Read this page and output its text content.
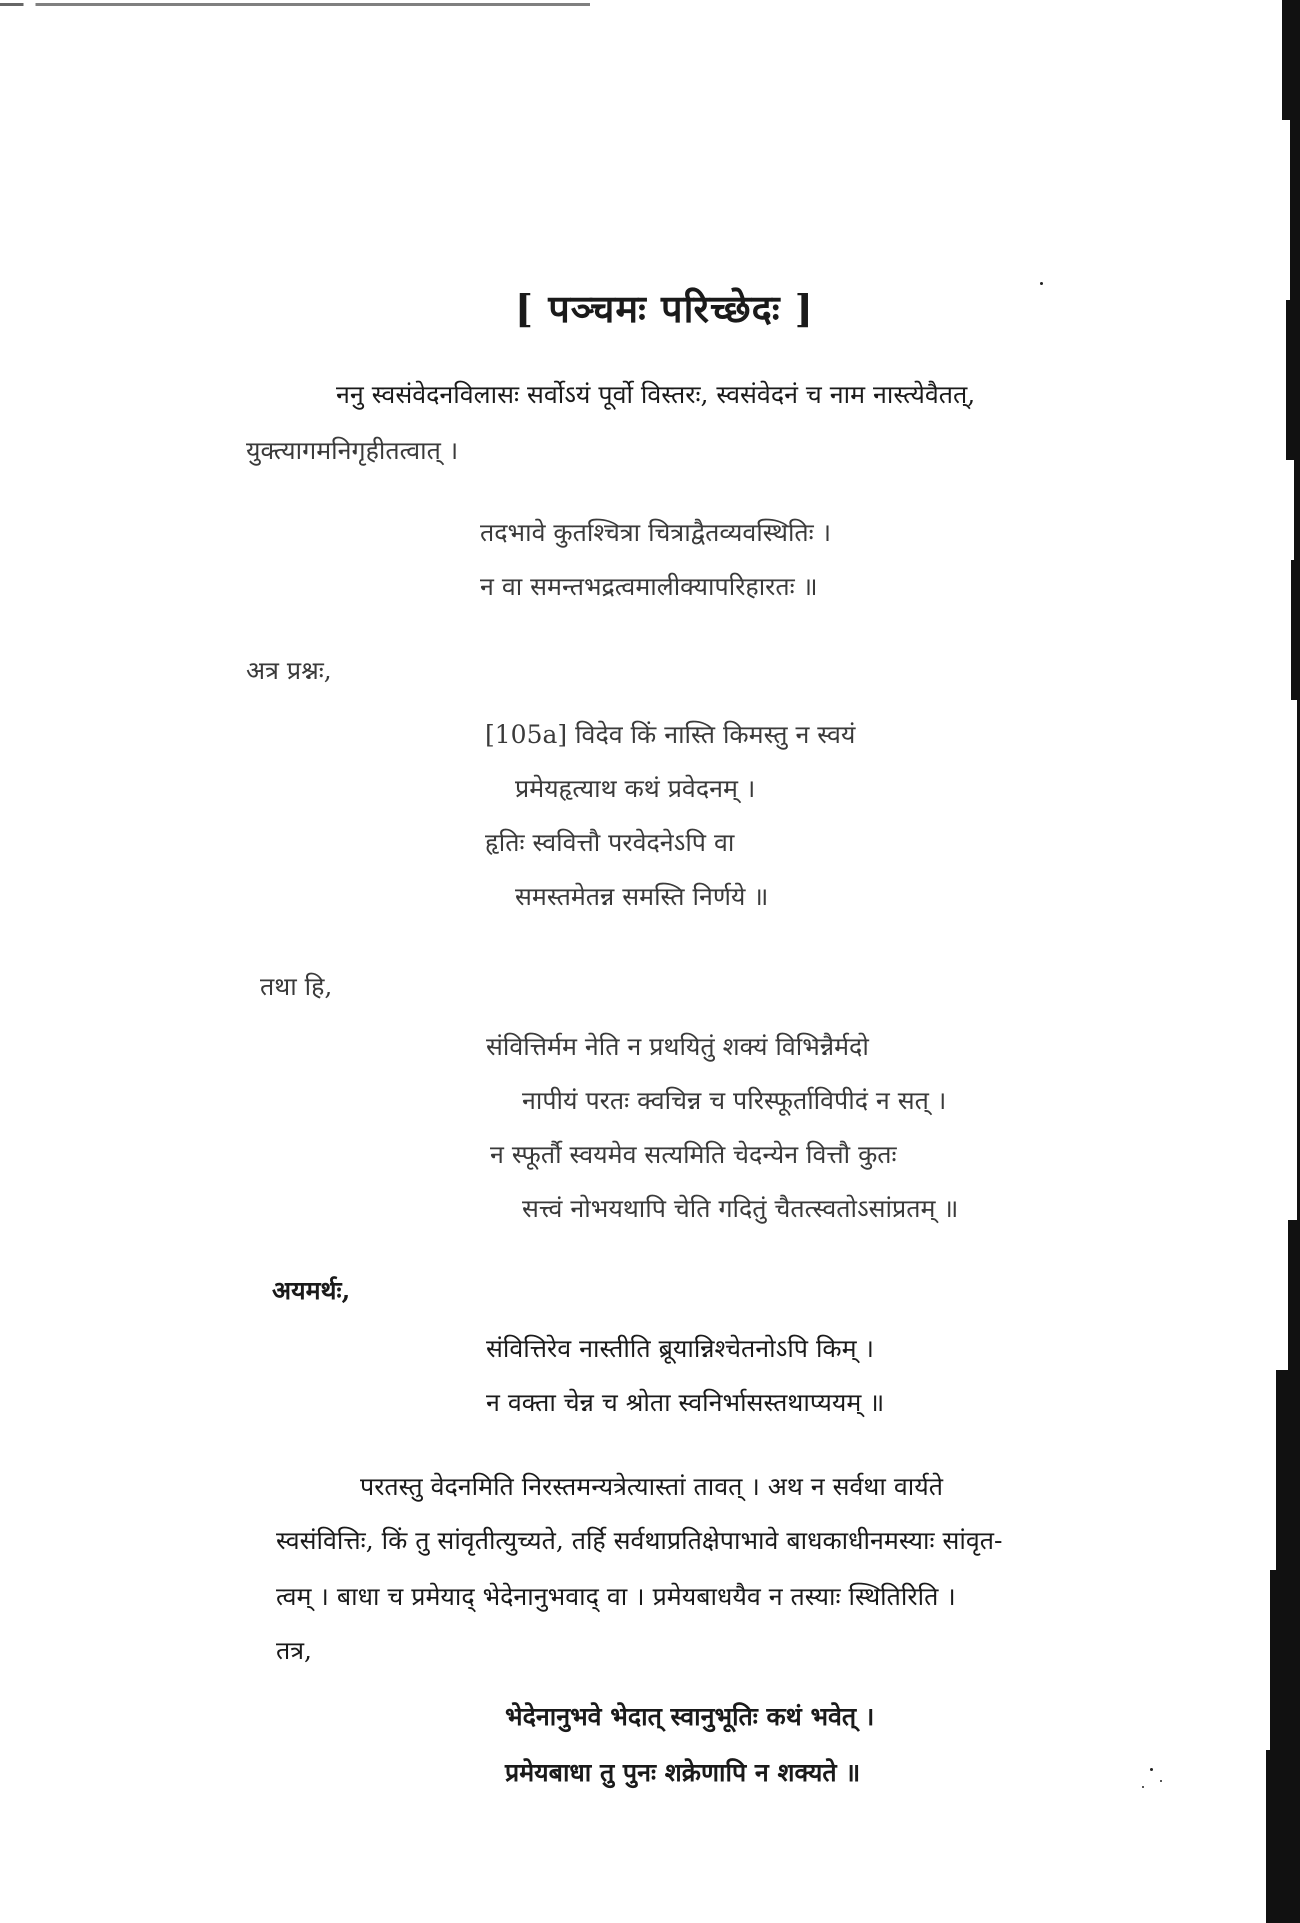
[ पञ्चमः परिच्छेदः ]
ननु स्वसंवेदनविलासः सर्वोऽयं पूर्वो विस्तरः, स्वसंवेदनं च नाम नास्त्येवैतत्,
युक्त्यागमनिगृहीतत्वात् ।
तदभावे कुतश्चित्रा चित्राद्वैतव्यवस्थितिः ।
न वा समन्तभद्रत्वमालीक्यापरिहारतः ॥
अत्र प्रश्नः,
[105a] विदेव किं नास्ति किमस्तु न स्वयं
प्रमेयहृत्याथ कथं प्रवेदनम् ।
हृतिः स्ववित्तौ परवेदनेऽपि वा
समस्तमेतन्न समस्ति निर्णये ॥
तथा हि,
संवित्तिर्मम नेति न प्रथयितुं शक्यं विभिन्नैर्मदो
नापीयं परतः क्वचिन्न च परिस्फूर्ताविपीदं न सत् ।
न स्फूर्तौ स्वयमेव सत्यमिति चेदन्येन वित्तौ कुतः
सत्त्वं नोभयथापि चेति गदितुं चैतत्स्वतोऽसांप्रतम् ॥
अयमर्थः,
संवित्तिरेव नास्तीति ब्रूयान्निश्चेतनोऽपि किम् ।
न वक्ता चेन्न च श्रोता स्वनिर्भासस्तथाप्ययम् ॥
परतस्तु वेदनमिति निरस्तमन्यत्रेत्यास्तां तावत् । अथ न सर्वथा वार्यते
स्वसंवित्तिः, किं तु सांवृतीत्युच्यते, तर्हि सर्वथाप्रतिक्षेपाभावे बाधकाधीनमस्याः सांवृत-
त्वम् । बाधा च प्रमेयाद् भेदेनानुभवाद् वा । प्रमेयबाधयैव न तस्याः स्थितिरिति ।
तत्र,
भेदेनानुभवे भेदात् स्वानुभूतिः कथं भवेत् ।
प्रमेयबाधा तु पुनः शक्रेणापि न शक्यते ॥
